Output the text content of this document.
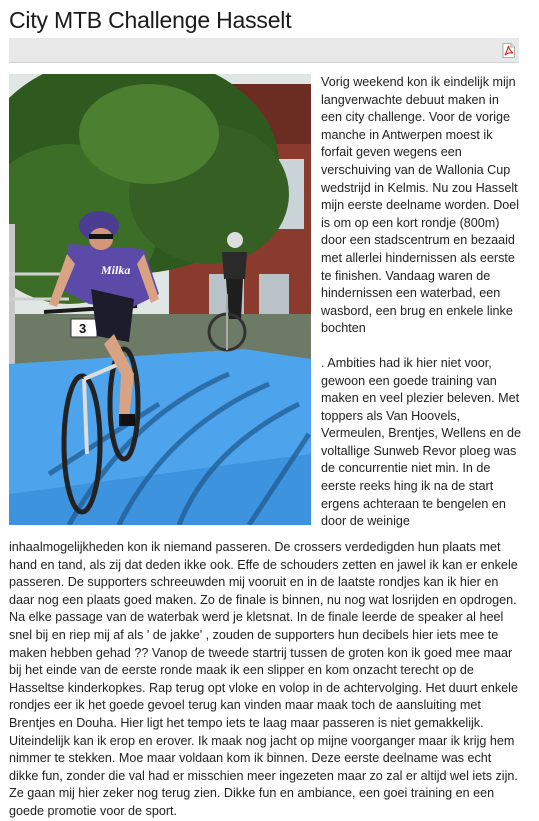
City MTB Challenge Hasselt
3
Milka

Vorig weekend kon ik eindelijk mijn langverwachte debuut maken in een city challenge. Voor de vorige manche in Antwerpen moest ik forfait geven wegens een verschuiving van de Wallonia Cup wedstrijd in Kelmis. Nu zou Hasselt mijn eerste deelname worden. Doel is om op een kort rondje (800m) door een stadscentrum en bezaaid met allerlei hindernissen als eerste te finishen. Vandaag waren de hindernissen een waterbad, een wasbord, een brug en enkele linke bochten

. Ambities had ik hier niet voor, gewoon een goede training van maken en veel plezier beleven. Met toppers als Van Hoovels, Vermeulen, Brentjes, Wellens en de voltallige Sunweb Revor ploeg was de concurrentie niet min. In de eerste reeks hing ik na de start ergens achteraan te bengelen en door de weinige

inhaalmogelijkheden kon ik niemand passeren. De crossers verdedigden hun plaats met hand en tand, als zij dat deden ikke ook. Effe de schouders zetten en jawel ik kan er enkele passeren. De supporters schreeuwden mij vooruit en in de laatste rondjes kan ik hier en daar nog een plaats goed maken. Zo de finale is binnen, nu nog wat losrijden en opdrogen. Na elke passage van de waterbak werd je kletsnat. In de finale leerde de speaker al heel snel bij en riep mij af als ' de jakke' , zouden de supporters hun decibels hier iets mee te maken hebben gehad ?? Vanop de tweede startrij tussen de groten kon ik goed mee maar bij het einde van de eerste ronde maak ik een slipper en kom onzacht terecht op de Hasseltse kinderkopkes. Rap terug opt vloke en volop in de achtervolging. Het duurt enkele rondjes eer ik het goede gevoel terug kan vinden maar maak toch de aansluiting met Brentjes en Douha. Hier ligt het tempo iets te laag maar passeren is niet gemakkelijk. Uiteindelijk kan ik erop en erover. Ik maak nog jacht op mijne voorganger maar ik krijg hem nimmer te stekken. Moe maar voldaan kom ik binnen. Deze eerste deelname was echt dikke fun, zonder die val had er misschien meer ingezeten maar zo zal er altijd wel iets zijn. Ze gaan mij hier zeker nog terug zien. Dikke fun en ambiance, een goei training en een goede promotie voor de sport.
